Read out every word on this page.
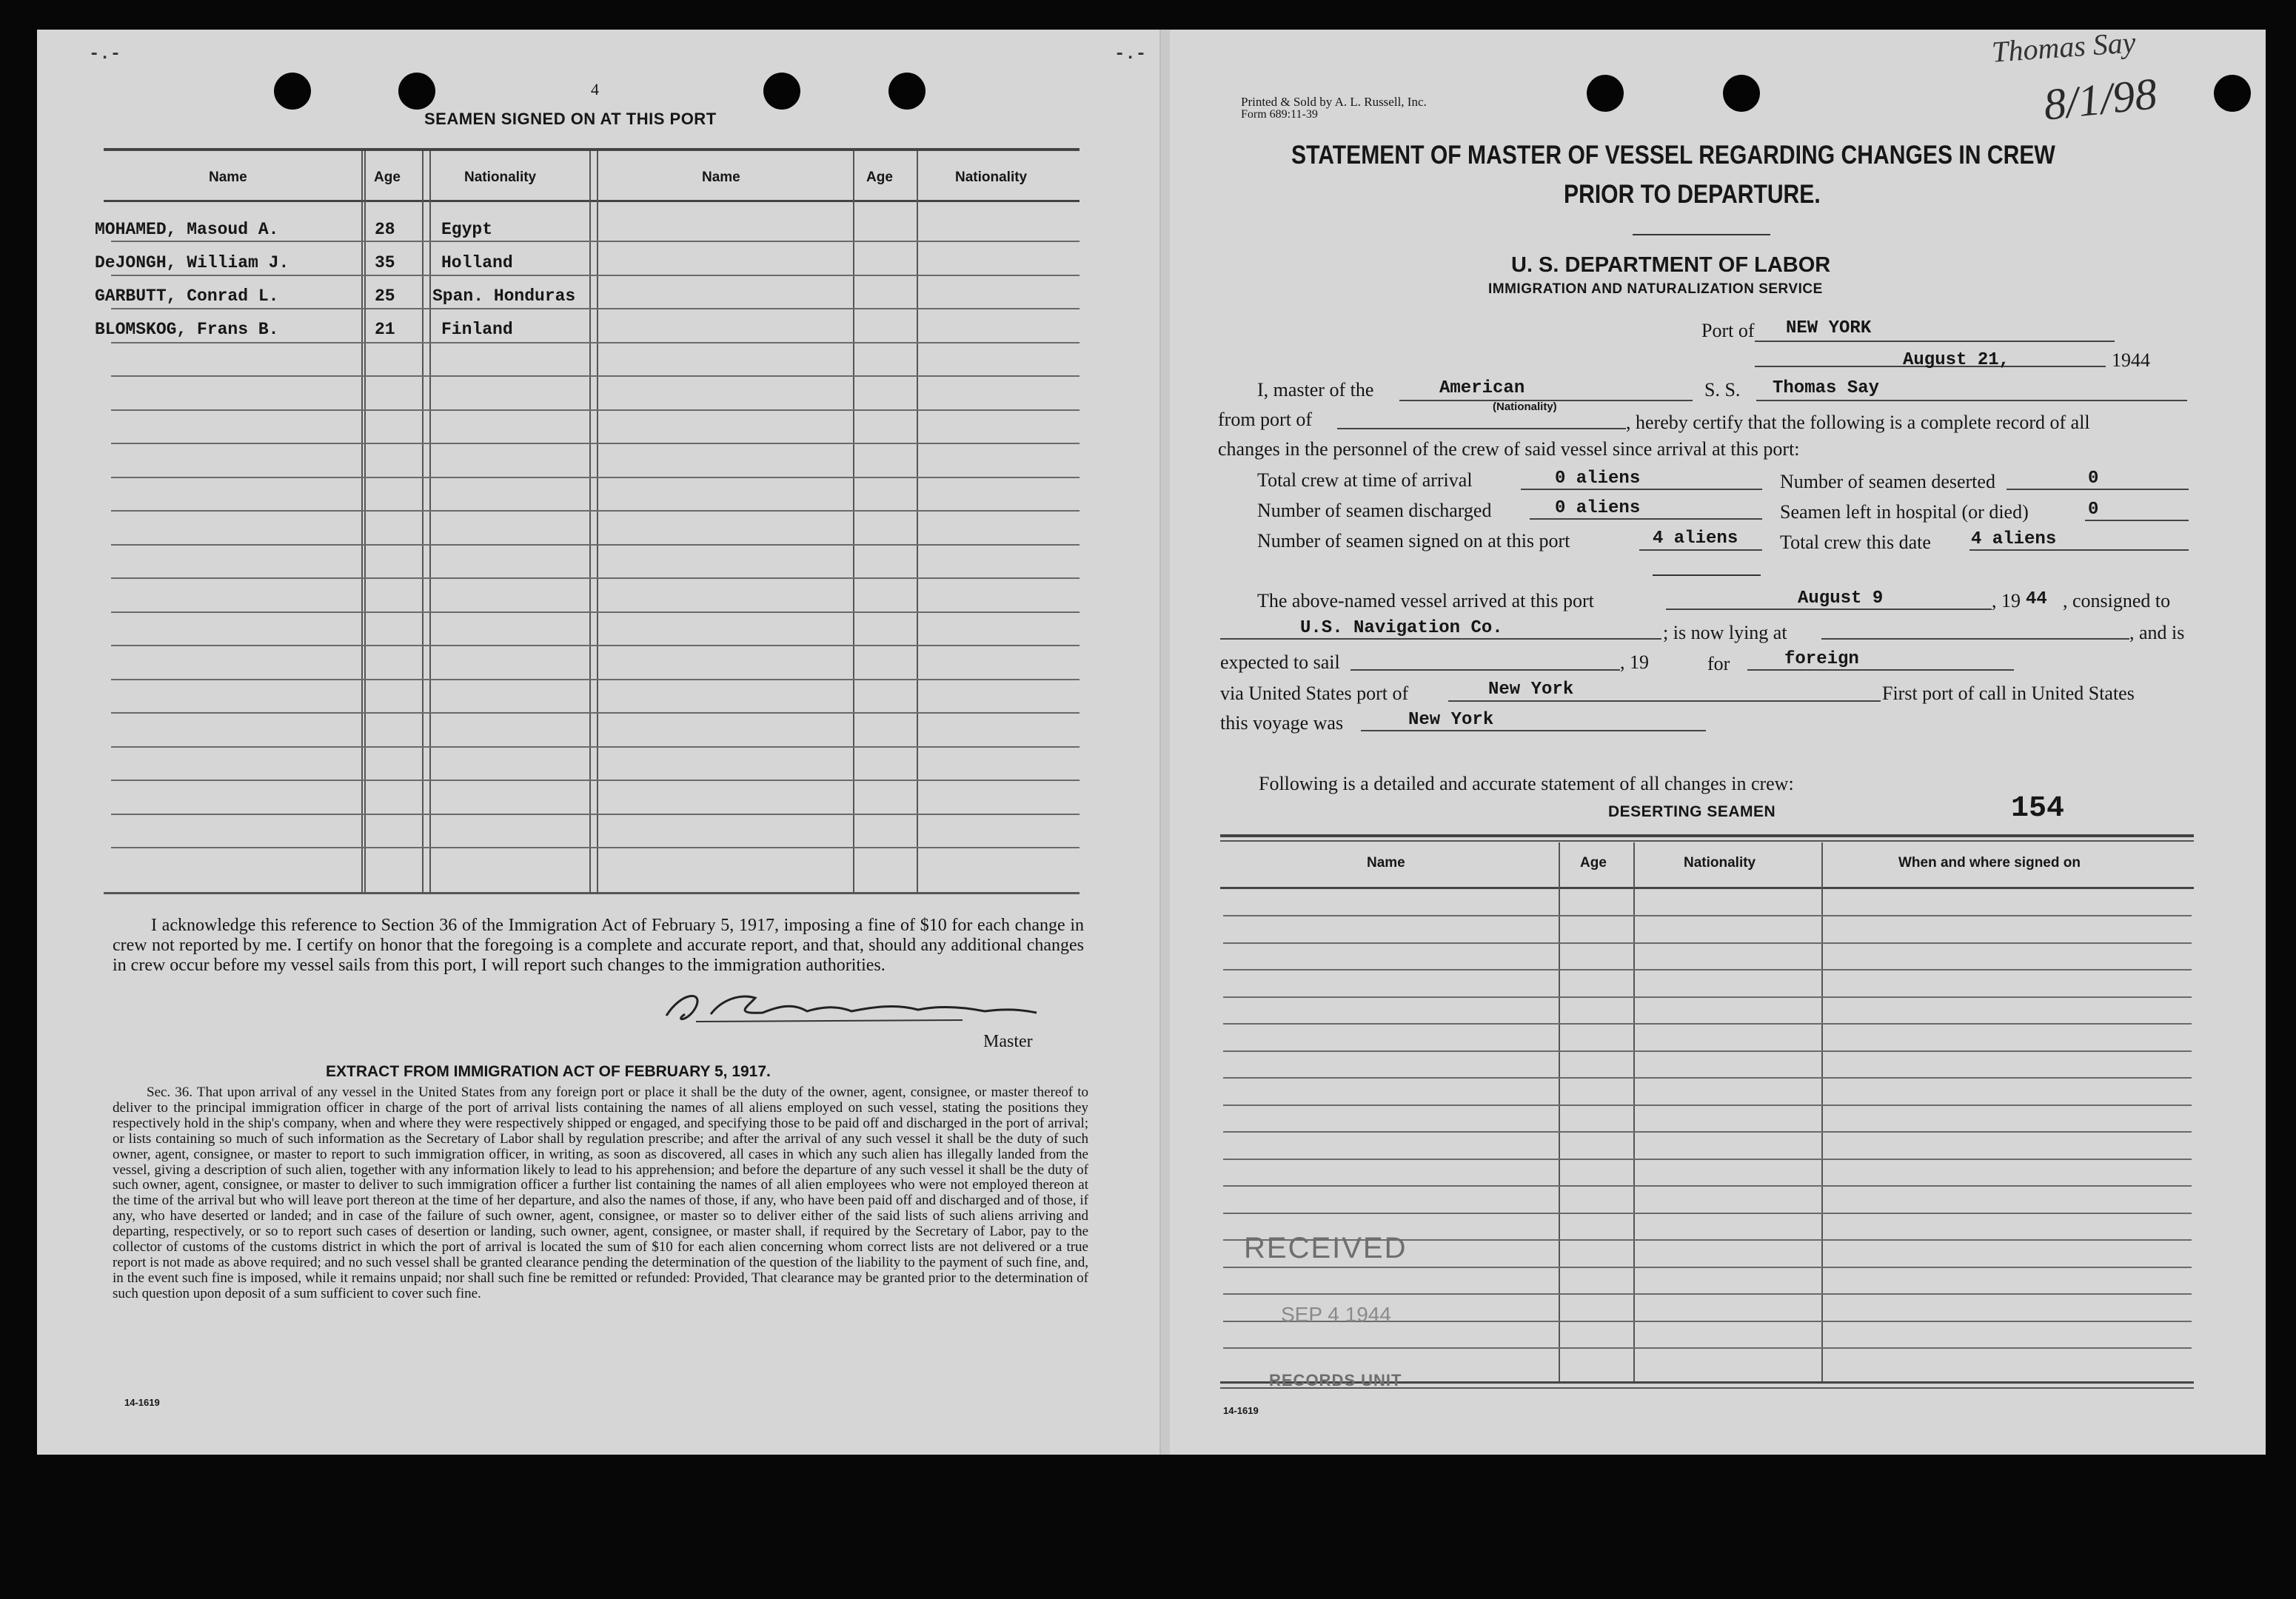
-.-
4
SEAMEN SIGNED ON AT THIS PORT
Name	Age	Nationality	Name	Age	Nationality
MOHAMED, Masoud A.	28	Egypt
DeJONGH, William J.	35	Holland
GARBUTT, Conrad L.	25 Span. Honduras
BLOMSKOG, Frans B.	21	Finland
I acknowledge this reference to Section 36 of the Immigration Act of February 5, 1917, imposing a fine of $10 for each change in crew not reported by me. I certify on honor that the foregoing is a complete and accurate report, and that, should any additional changes in crew occur before my vessel sails from this port, I will report such changes to the immigration authorities.
Master
EXTRACT FROM IMMIGRATION ACT OF FEBRUARY 5, 1917.
Sec. 36. That upon arrival of any vessel in the United States from any foreign port or place it shall be the duty of the owner, agent, consignee, or master thereof to deliver to the principal immigration officer in charge of the port of arrival lists containing the names of all aliens employed on such vessel, stating the positions they respectively hold in the ship's company, when and where they were respectively shipped or engaged, and specifying those to be paid off and discharged in the port of arrival; or lists containing so much of such information as the Secretary of Labor shall by regulation prescribe; and after the arrival of any such vessel it shall be the duty of such owner, agent, consignee, or master to report to such immigration officer, in writing, as soon as discovered, all cases in which any such alien has illegally landed from the vessel, giving a description of such alien, together with any information likely to lead to his apprehension; and before the departure of any such vessel it shall be the duty of such owner, agent, consignee, or master to deliver to such immigration officer a further list containing the names of all alien employees who were not employed thereon at the time of the arrival but who will leave port thereon at the time of her departure, and also the names of those, if any, who have been paid off and discharged and of those, if any, who have deserted or landed; and in case of the failure of such owner, agent, consignee, or master so to deliver either of the said lists of such aliens arriving and departing, respectively, or so to report such cases of desertion or landing, such owner, agent, consignee, or master shall, if required by the Secretary of Labor, pay to the collector of customs of the customs district in which the port of arrival is located the sum of $10 for each alien concerning whom correct lists are not delivered or a true report is not made as above required; and no such vessel shall be granted clearance pending the determination of the question of the liability to the payment of such fine, and, in the event such fine is imposed, while it remains unpaid; nor shall such fine be remitted or refunded: Provided, That clearance may be granted prior to the determination of such question upon deposit of a sum sufficient to cover such fine.
14-1619
-.-
Printed & Sold by A. L. Russell, Inc.
Form 689:11-39
Thomas Say
8/1/98
STATEMENT OF MASTER OF VESSEL REGARDING CHANGES IN CREW
PRIOR TO DEPARTURE.
U. S. DEPARTMENT OF LABOR
IMMIGRATION AND NATURALIZATION SERVICE
Port of NEW YORK
August 21,	1944
I, master of the	American
(Nationality)
S. S. Thomas Say
from port of	, hereby certify that the following is a complete record of all
changes in the personnel of the crew of said vessel since arrival at this port:
Total crew at time of arrival	0 aliens
Number of seamen discharged	0 aliens
Number of seamen signed on at this port	4 aliens
Number of seamen deserted	0
Seamen left in hospital (or died)	0
Total crew this date 4 aliens
The above-named vessel arrived at this port	August 9	, 19 44 , consigned to
U.S. Navigation Co.	; is now lying at	, and is
expected to sail	, 19	for	foreign
via United States port of	New York	First port of call in United States
this voyage was	New York
Following is a detailed and accurate statement of all changes in crew:
DESERTING SEAMEN	154
Name	Age	Nationality	When and where signed on
RECEIVED
SEP 4 1944
RECORDS UNIT
14-1619
